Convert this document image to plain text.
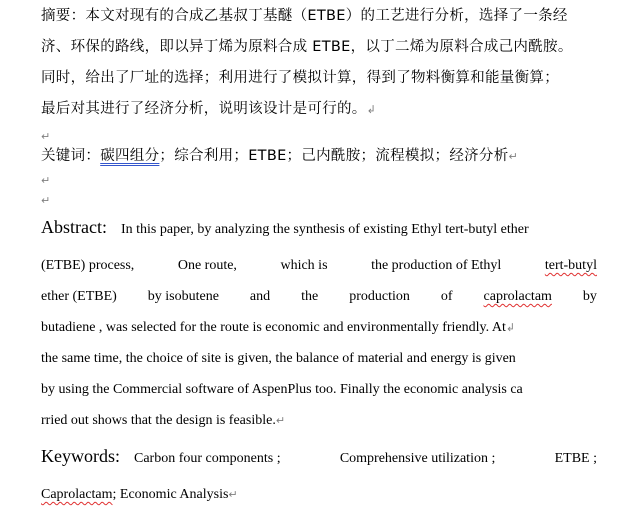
摘要：本文对现有的合成乙基叔丁基醚（ETBE）的工艺进行分析，选择了一条经
济、环保的路线，即以异丁烯为原料合成 ETBE，以丁二烯为原料合成己内酰胺。
同时，给出了厂址的选择；利用进行了模拟计算，得到了物料衡算和能量衡算；
最后对其进行了经济分析，说明该设计是可行的。↲
↵
关键词：碳四组分；综合利用；ETBE；己内酰胺；流程模拟；经济分析↵
↵
↵
Abstract: In this paper, by analyzing the synthesis of existing Ethyl tert-butyl ether
(ETBE) process,	One route,	which is	the production of Ethyl	tert-butyl
ether (ETBE) by isobutene and the production of caprolactam by
butadiene , was selected for the route is economic and environmentally friendly. At↲
the same time, the choice of site is given, the balance of material and energy is given
by using the Commercial software of AspenPlus too. Finally the economic analysis ca
rried out shows that the design is feasible.↵
Keywords: Carbon four components ;	Comprehensive utilization ;	ETBE ;
Caprolactam; Economic Analysis↵
